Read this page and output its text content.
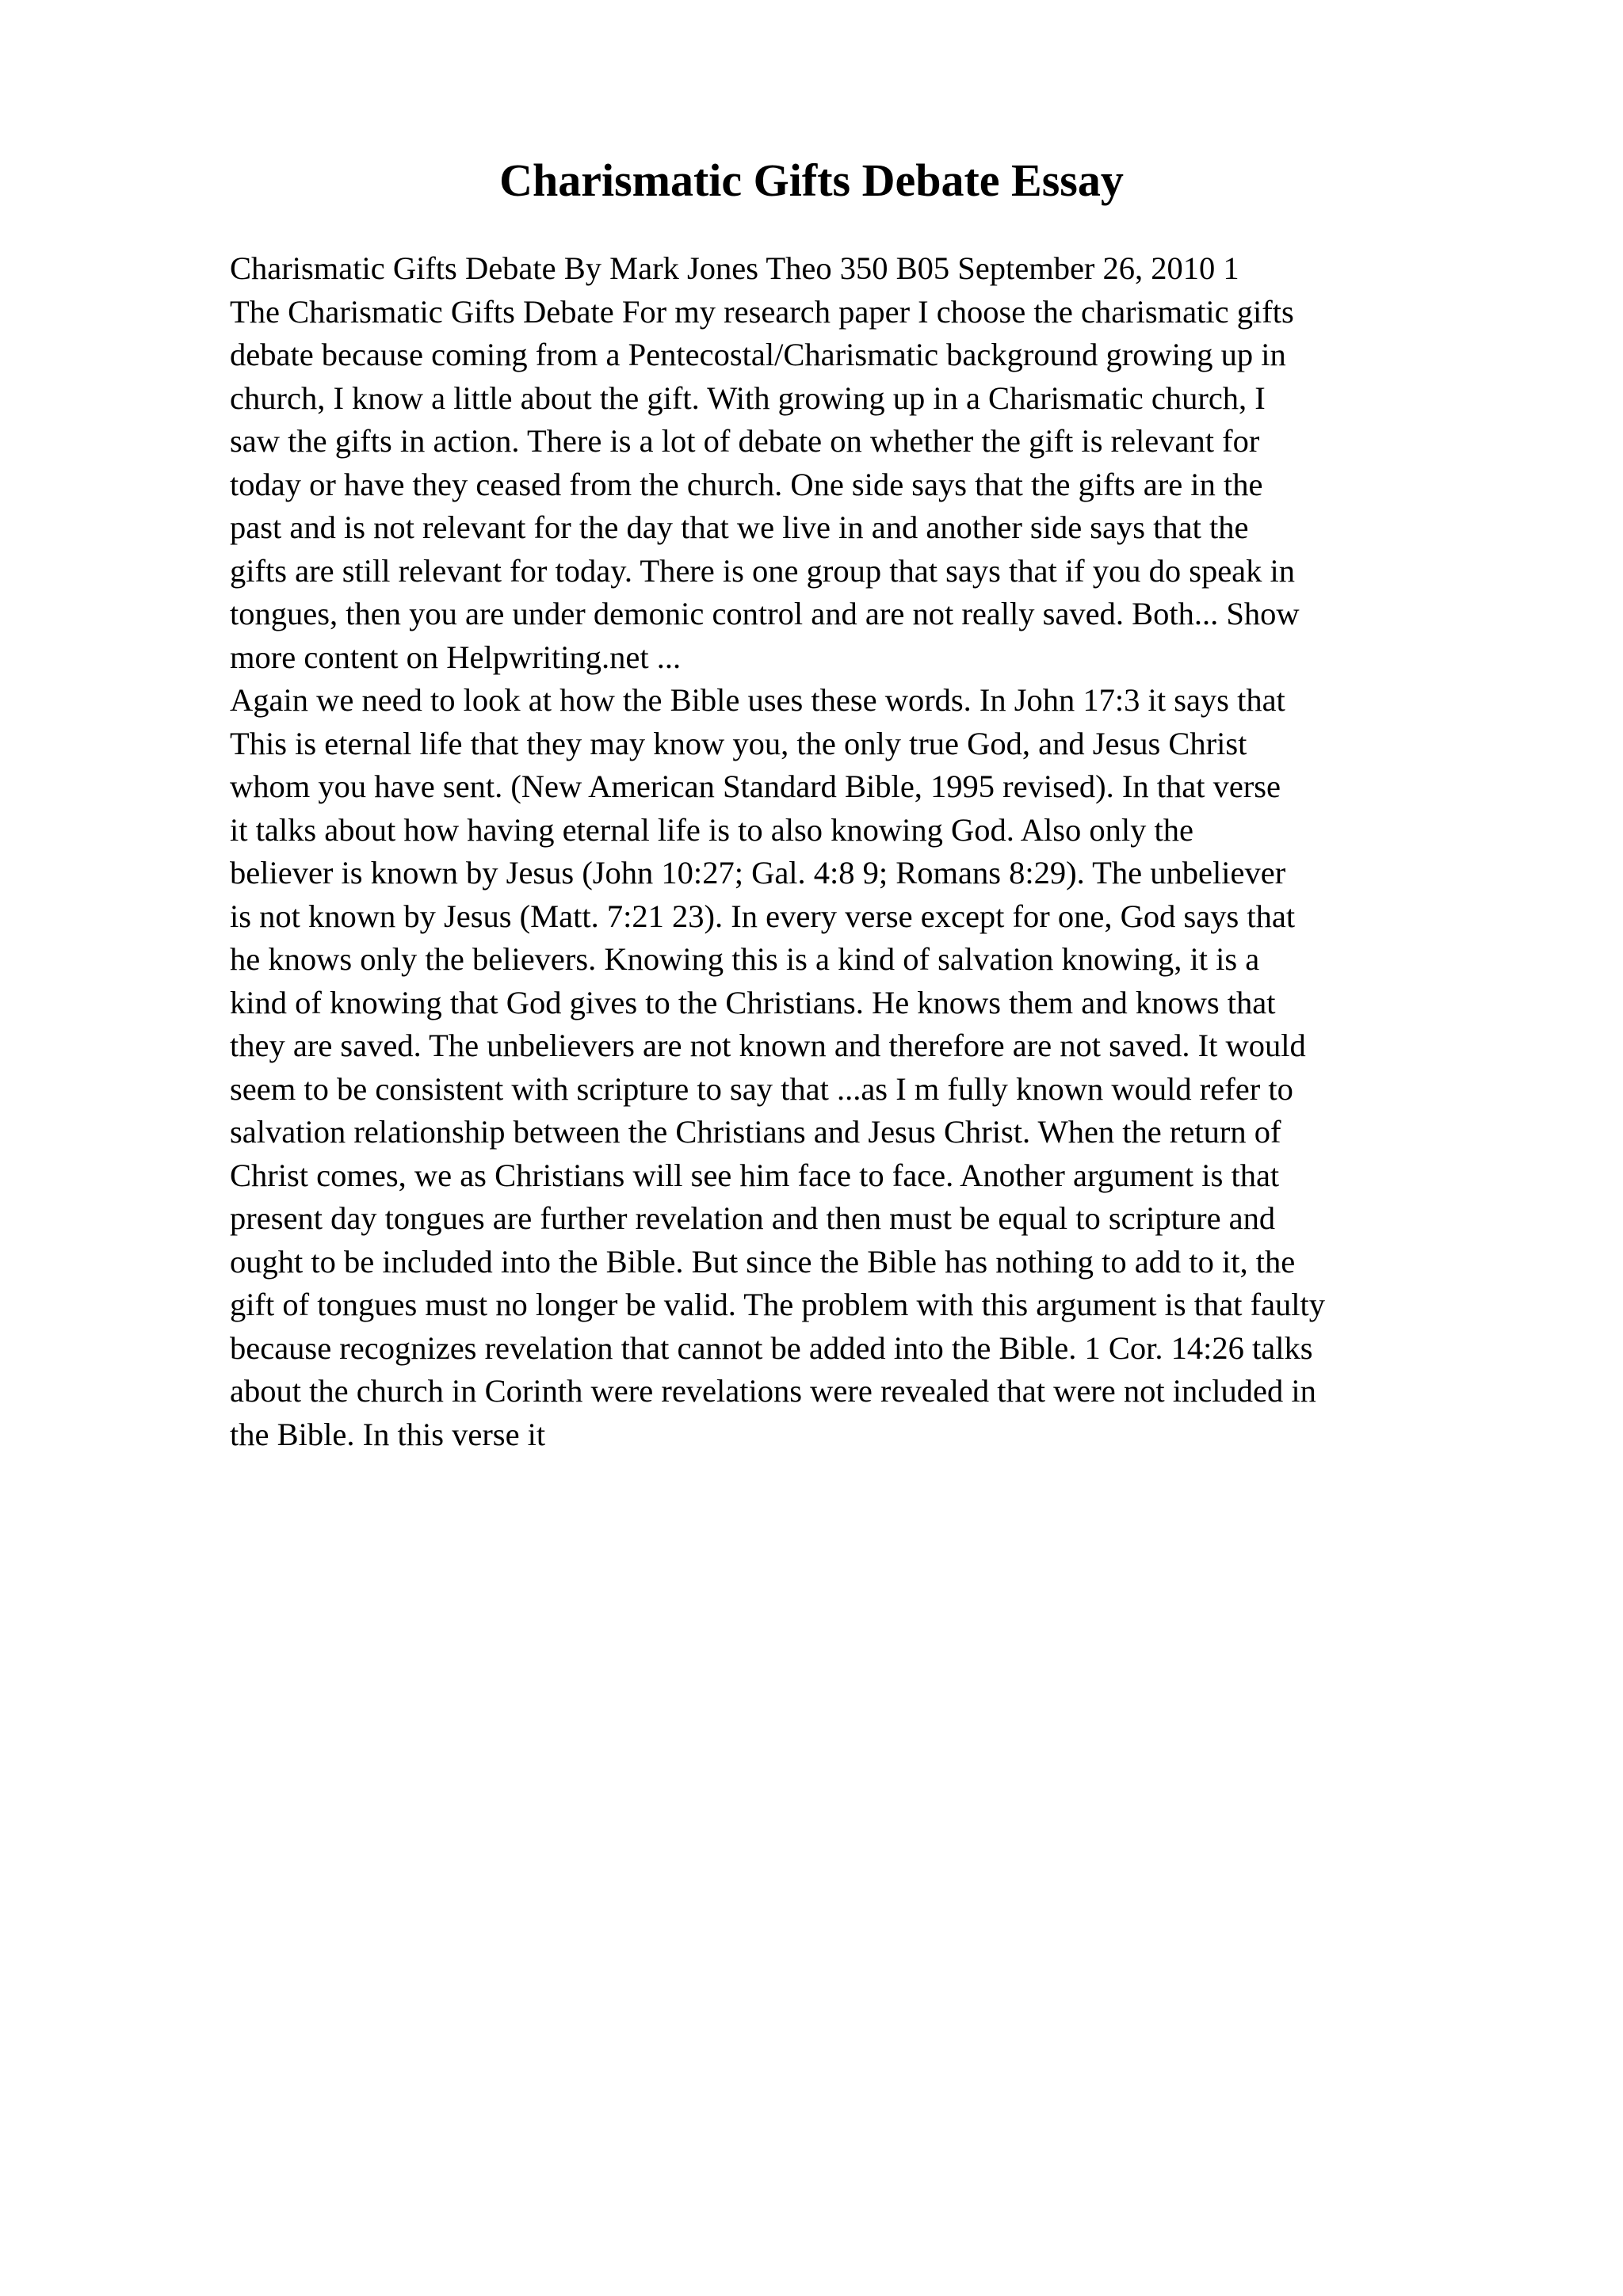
Charismatic Gifts Debate Essay
Charismatic Gifts Debate By Mark Jones Theo 350 B05 September 26, 2010 1
The Charismatic Gifts Debate For my research paper I choose the charismatic gifts
debate because coming from a Pentecostal/Charismatic background growing up in
church, I know a little about the gift. With growing up in a Charismatic church, I
saw the gifts in action. There is a lot of debate on whether the gift is relevant for
today or have they ceased from the church. One side says that the gifts are in the
past and is not relevant for the day that we live in and another side says that the
gifts are still relevant for today. There is one group that says that if you do speak in
tongues, then you are under demonic control and are not really saved. Both... Show
more content on Helpwriting.net ...
Again we need to look at how the Bible uses these words. In John 17:3 it says that
This is eternal life that they may know you, the only true God, and Jesus Christ
whom you have sent. (New American Standard Bible, 1995 revised). In that verse
it talks about how having eternal life is to also knowing God. Also only the
believer is known by Jesus (John 10:27; Gal. 4:8 9; Romans 8:29). The unbeliever
is not known by Jesus (Matt. 7:21 23). In every verse except for one, God says that
he knows only the believers. Knowing this is a kind of salvation knowing, it is a
kind of knowing that God gives to the Christians. He knows them and knows that
they are saved. The unbelievers are not known and therefore are not saved. It would
seem to be consistent with scripture to say that ...as I m fully known would refer to
salvation relationship between the Christians and Jesus Christ. When the return of
Christ comes, we as Christians will see him face to face. Another argument is that
present day tongues are further revelation and then must be equal to scripture and
ought to be included into the Bible. But since the Bible has nothing to add to it, the
gift of tongues must no longer be valid. The problem with this argument is that faulty
because recognizes revelation that cannot be added into the Bible. 1 Cor. 14:26 talks
about the church in Corinth were revelations were revealed that were not included in
the Bible. In this verse it
